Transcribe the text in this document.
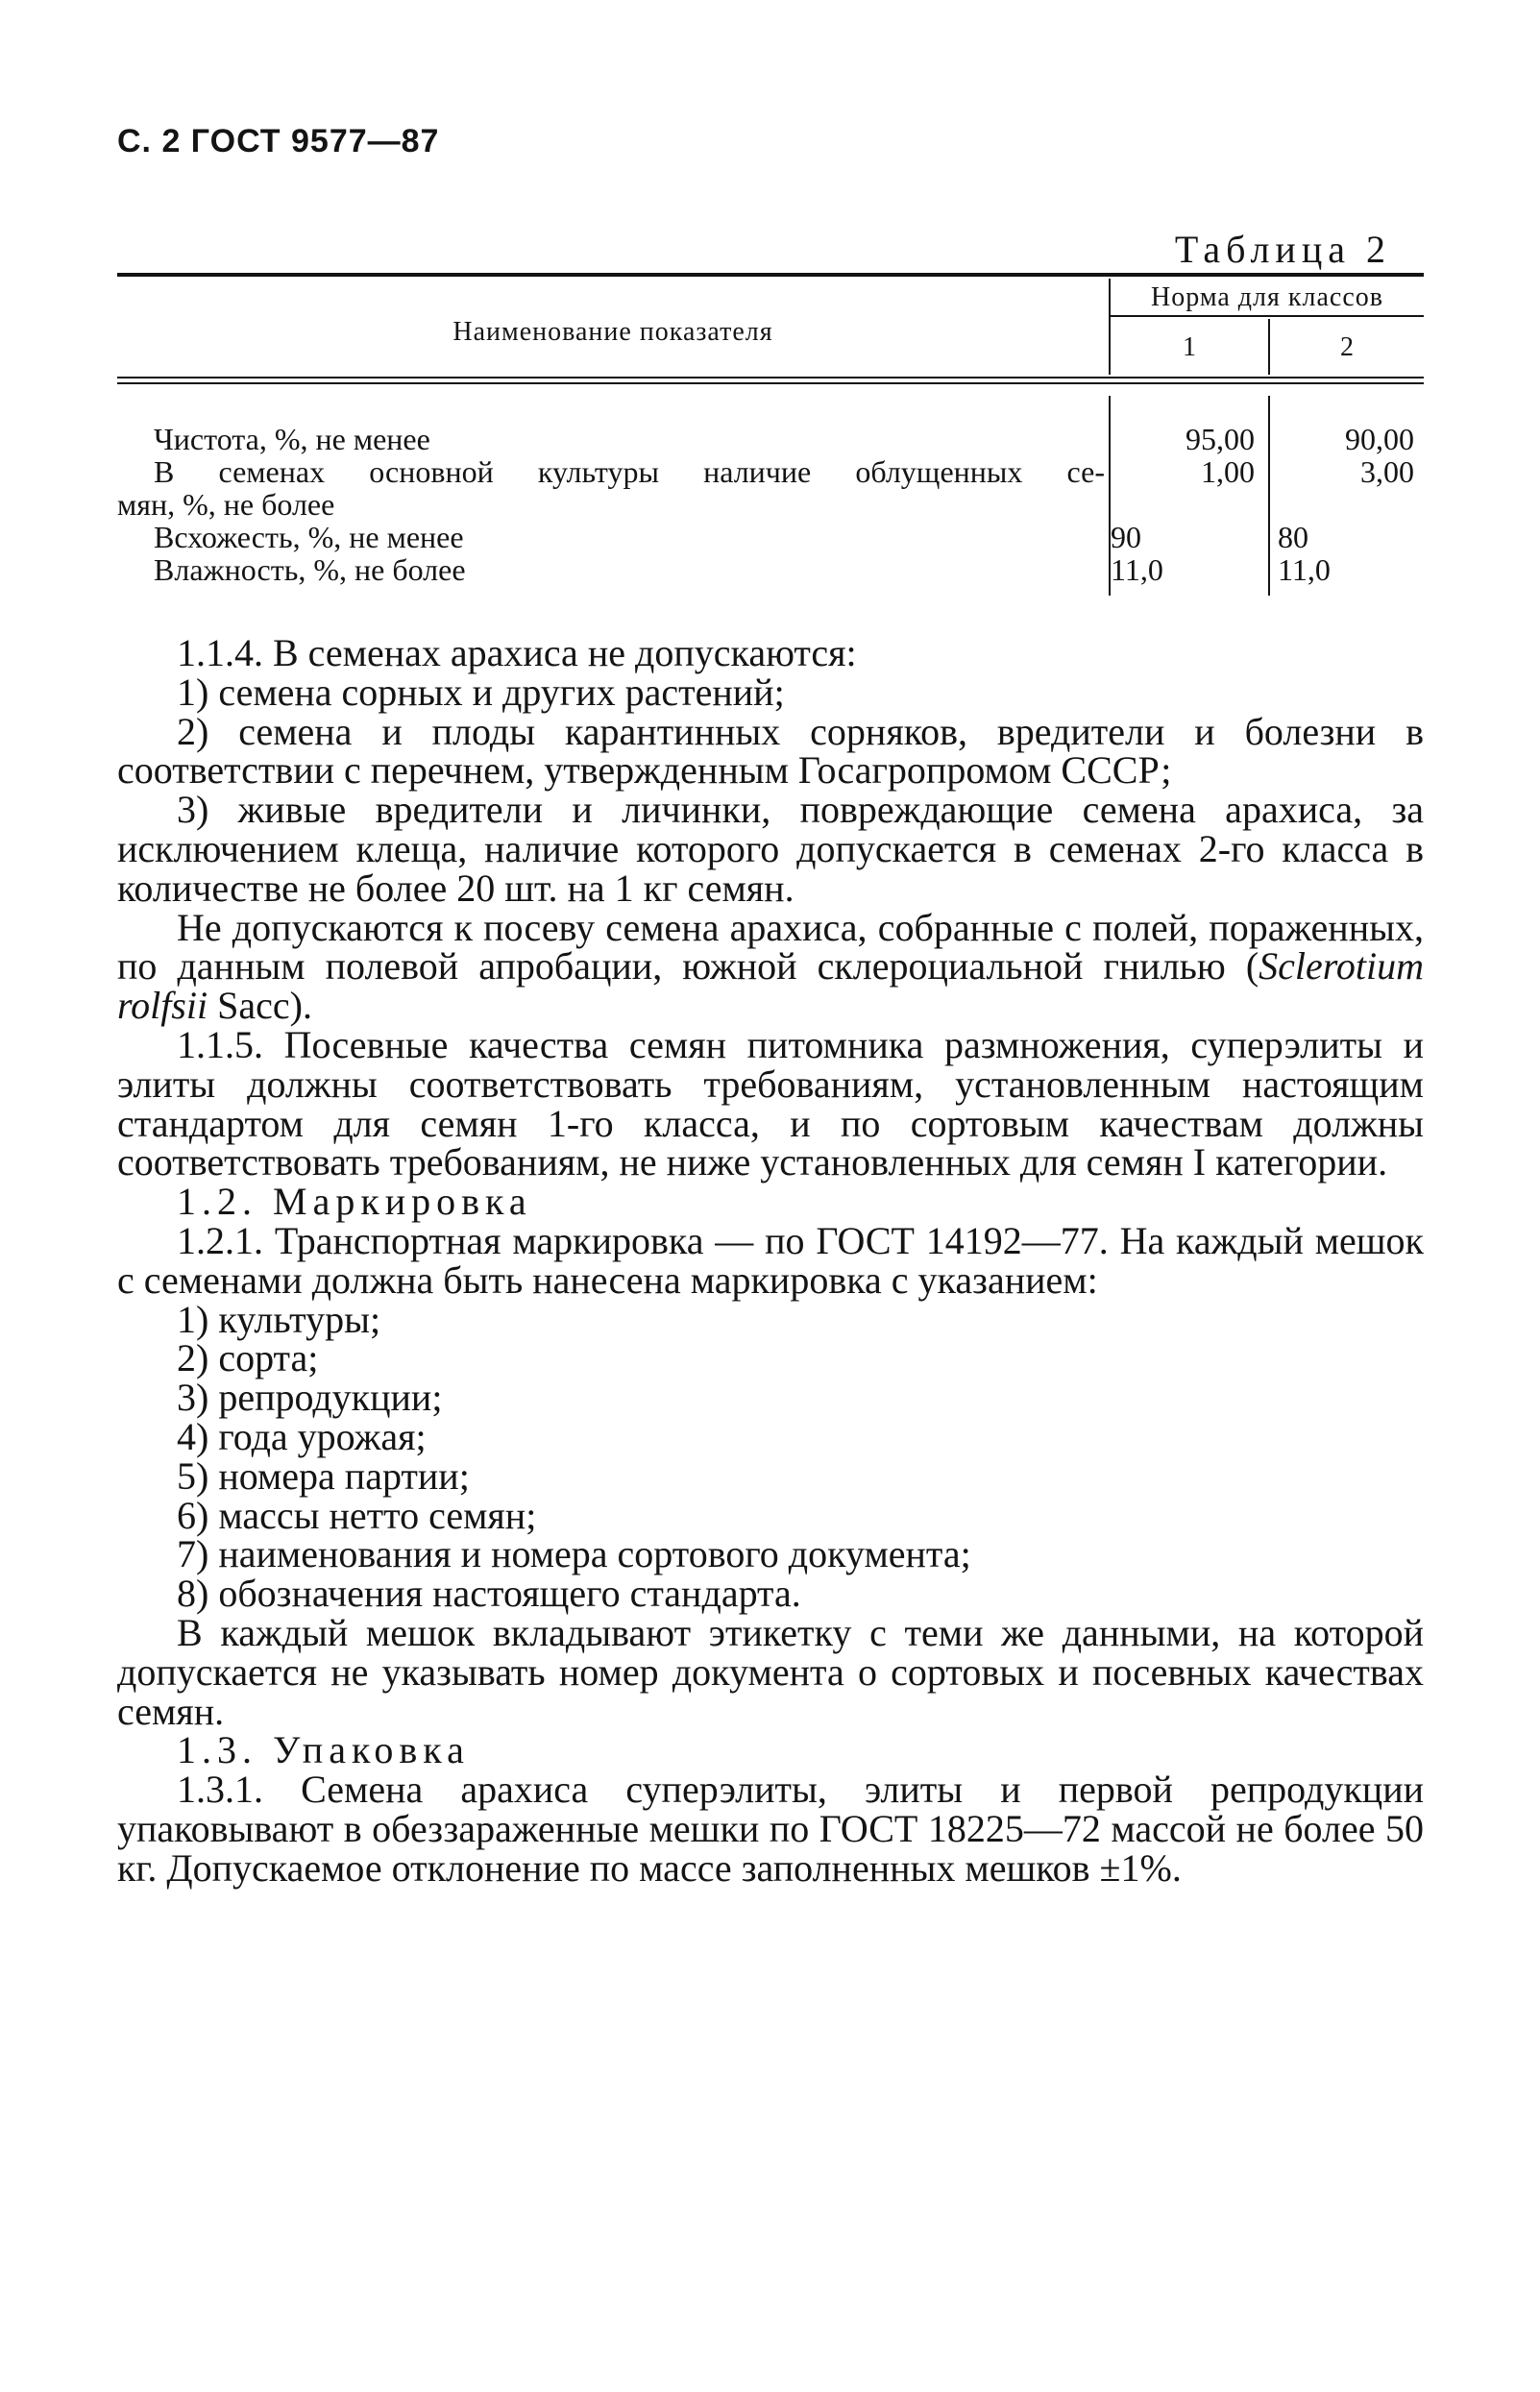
С. 2 ГОСТ 9577—87
Таблица 2
Наименование показателя
Норма для классов
1	2
Чистота, %, не менее	95,00	90,00
В семенах основной культуры наличие облущенных се-	1,00	3,00
мян, %, не более
Всхожесть, %, не менее	90	80
Влажность, %, не более	11,0	11,0

1.1.4. В семенах арахиса не допускаются:

1) семена сорных и других растений;

2) семена и плоды карантинных сорняков, вредители и болезни в соответствии с перечнем, утвержденным Госагропромом СССР;

3) живые вредители и личинки, повреждающие семена арахиса, за исключением клеща, наличие которого допускается в семенах 2-го класса в количестве не более 20 шт. на 1 кг семян.

Не допускаются к посеву семена арахиса, собранные с полей, пораженных, по данным полевой апробации, южной склероциальной гнилью (Sclerotium rolfsii Sacc).

1.1.5. Посевные качества семян питомника размножения, суперэлиты и элиты должны соответствовать требованиям, установленным настоящим стандартом для семян 1-го класса, и по сортовым качествам должны соответствовать требованиям, не ниже установленных для семян I категории.

1.2. Маркировка

1.2.1. Транспортная маркировка — по ГОСТ 14192—77. На каждый мешок с семенами должна быть нанесена маркировка с указанием:

1) культуры;

2) сорта;

3) репродукции;

4) года урожая;

5) номера партии;

6) массы нетто семян;

7) наименования и номера сортового документа;

8) обозначения настоящего стандарта.

В каждый мешок вкладывают этикетку с теми же данными, на которой допускается не указывать номер документа о сортовых и посевных качествах семян.

1.3. Упаковка

1.3.1. Семена арахиса суперэлиты, элиты и первой репродукции упаковывают в обеззараженные мешки по ГОСТ 18225—72 массой не более 50 кг. Допускаемое отклонение по массе заполненных мешков ±1%.
